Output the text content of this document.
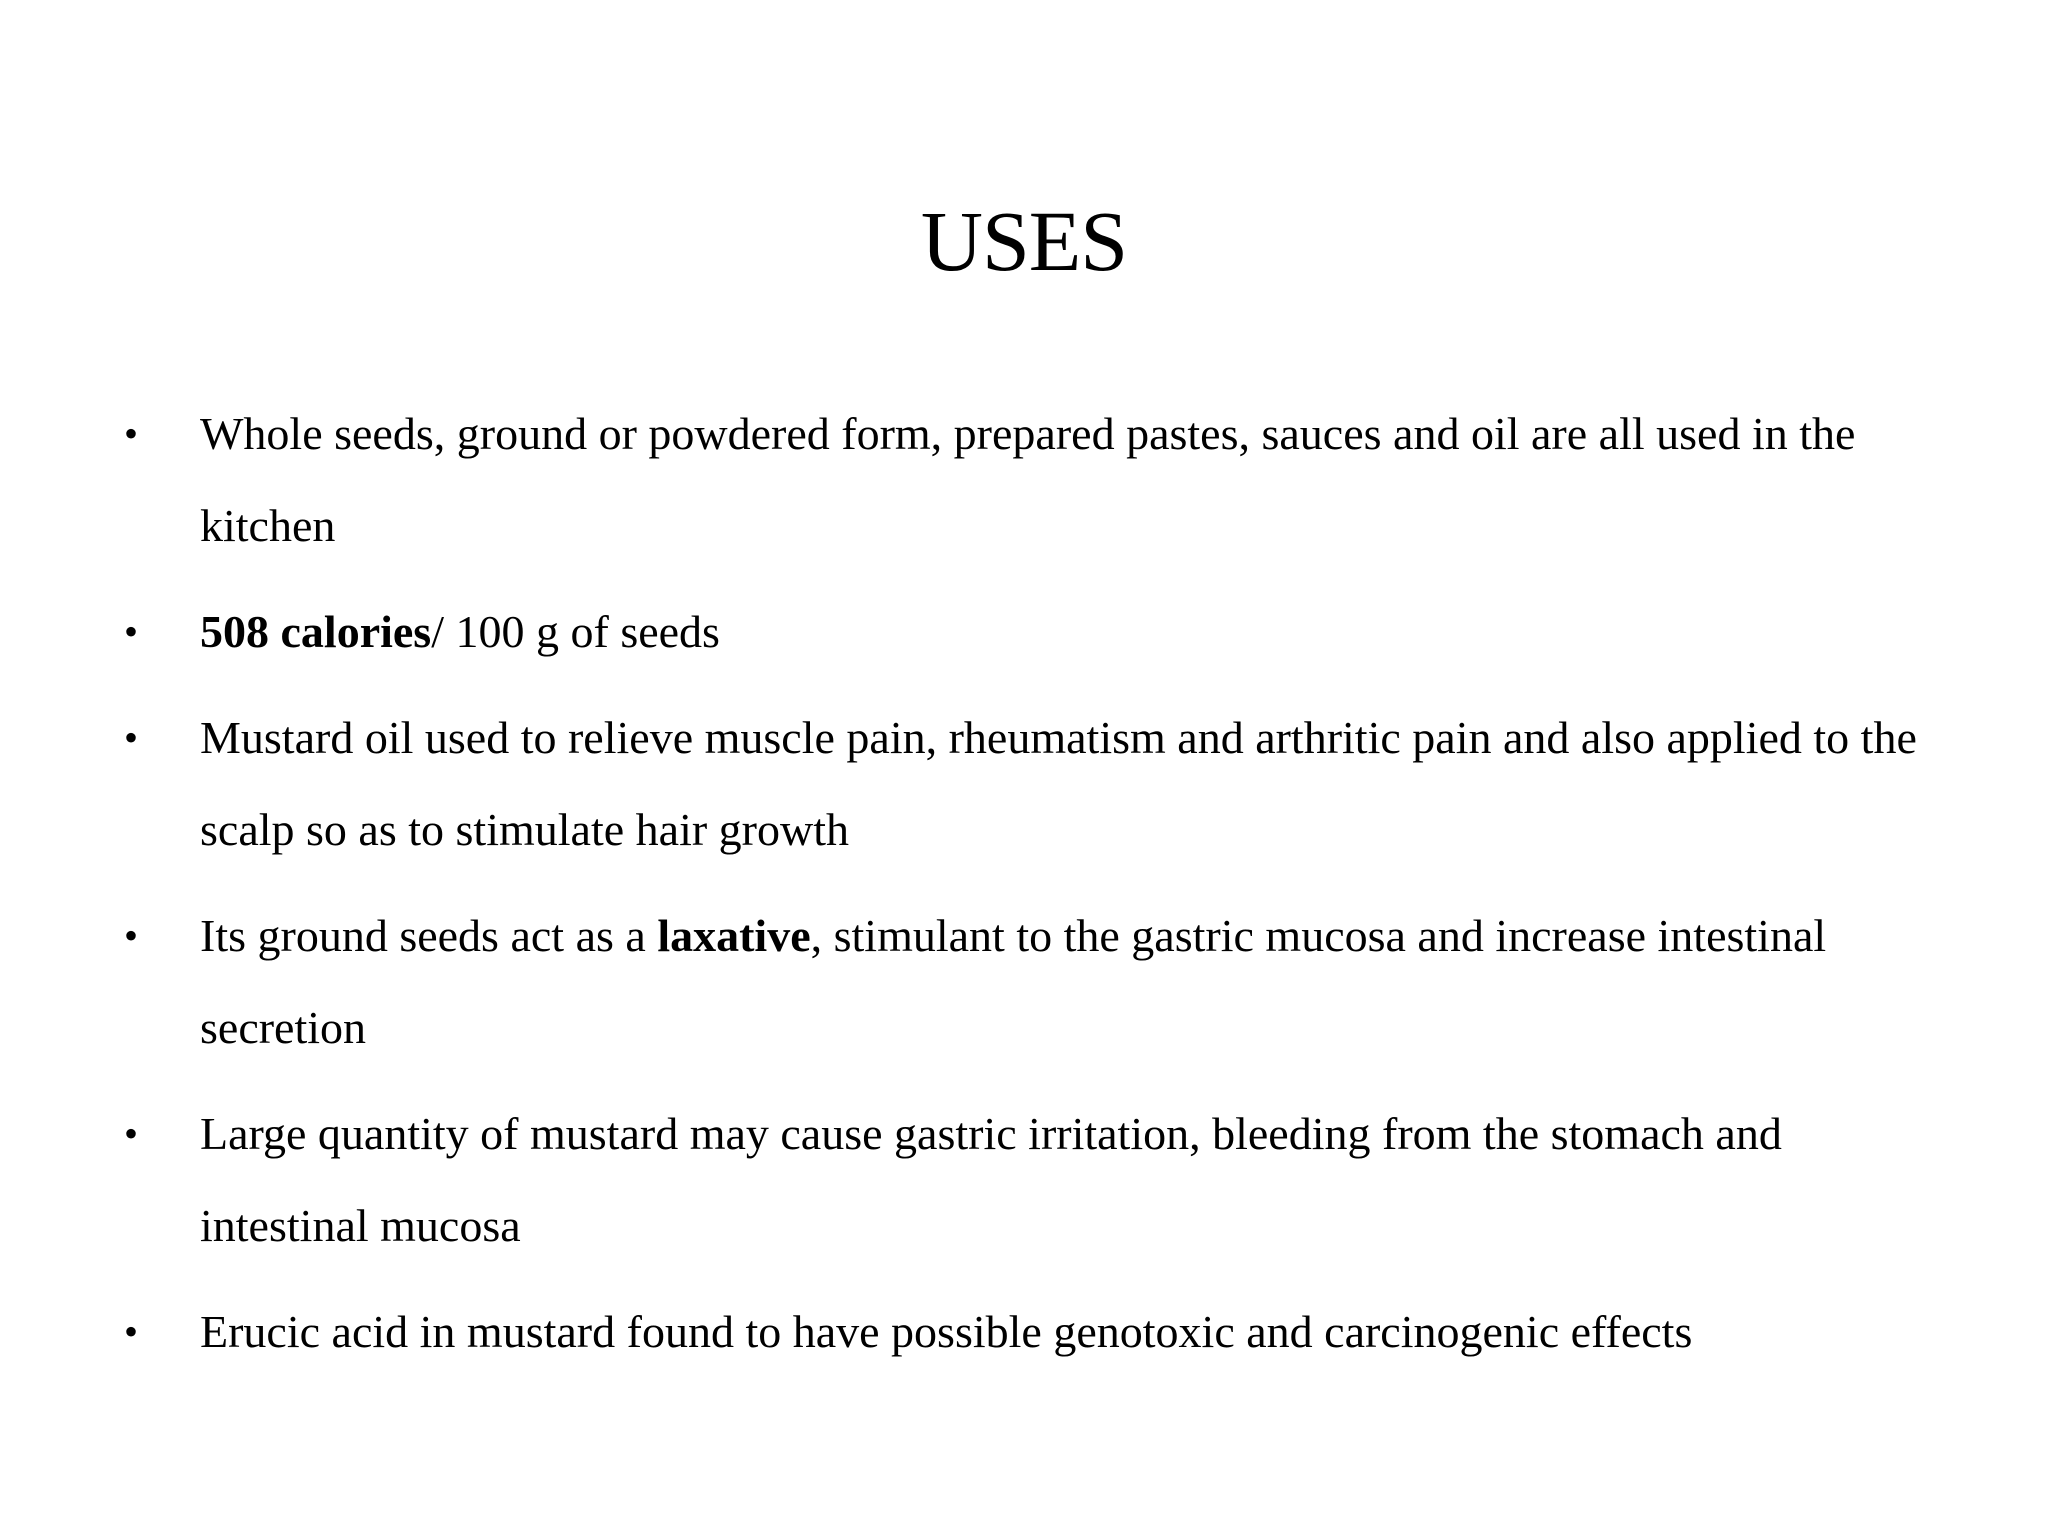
USES
•	Whole seeds, ground or powdered form, prepared pastes, sauces and oil are all used in the kitchen
•	508 calories/ 100 g of seeds
•	Mustard oil used to relieve muscle pain, rheumatism and arthritic pain and also applied to the scalp so as to stimulate hair growth
•	Its ground seeds act as a laxative, stimulant to the gastric mucosa and increase intestinal secretion
•	Large quantity of mustard may cause gastric irritation, bleeding from the stomach and intestinal mucosa
•	Erucic acid in mustard found to have possible genotoxic and carcinogenic effects
